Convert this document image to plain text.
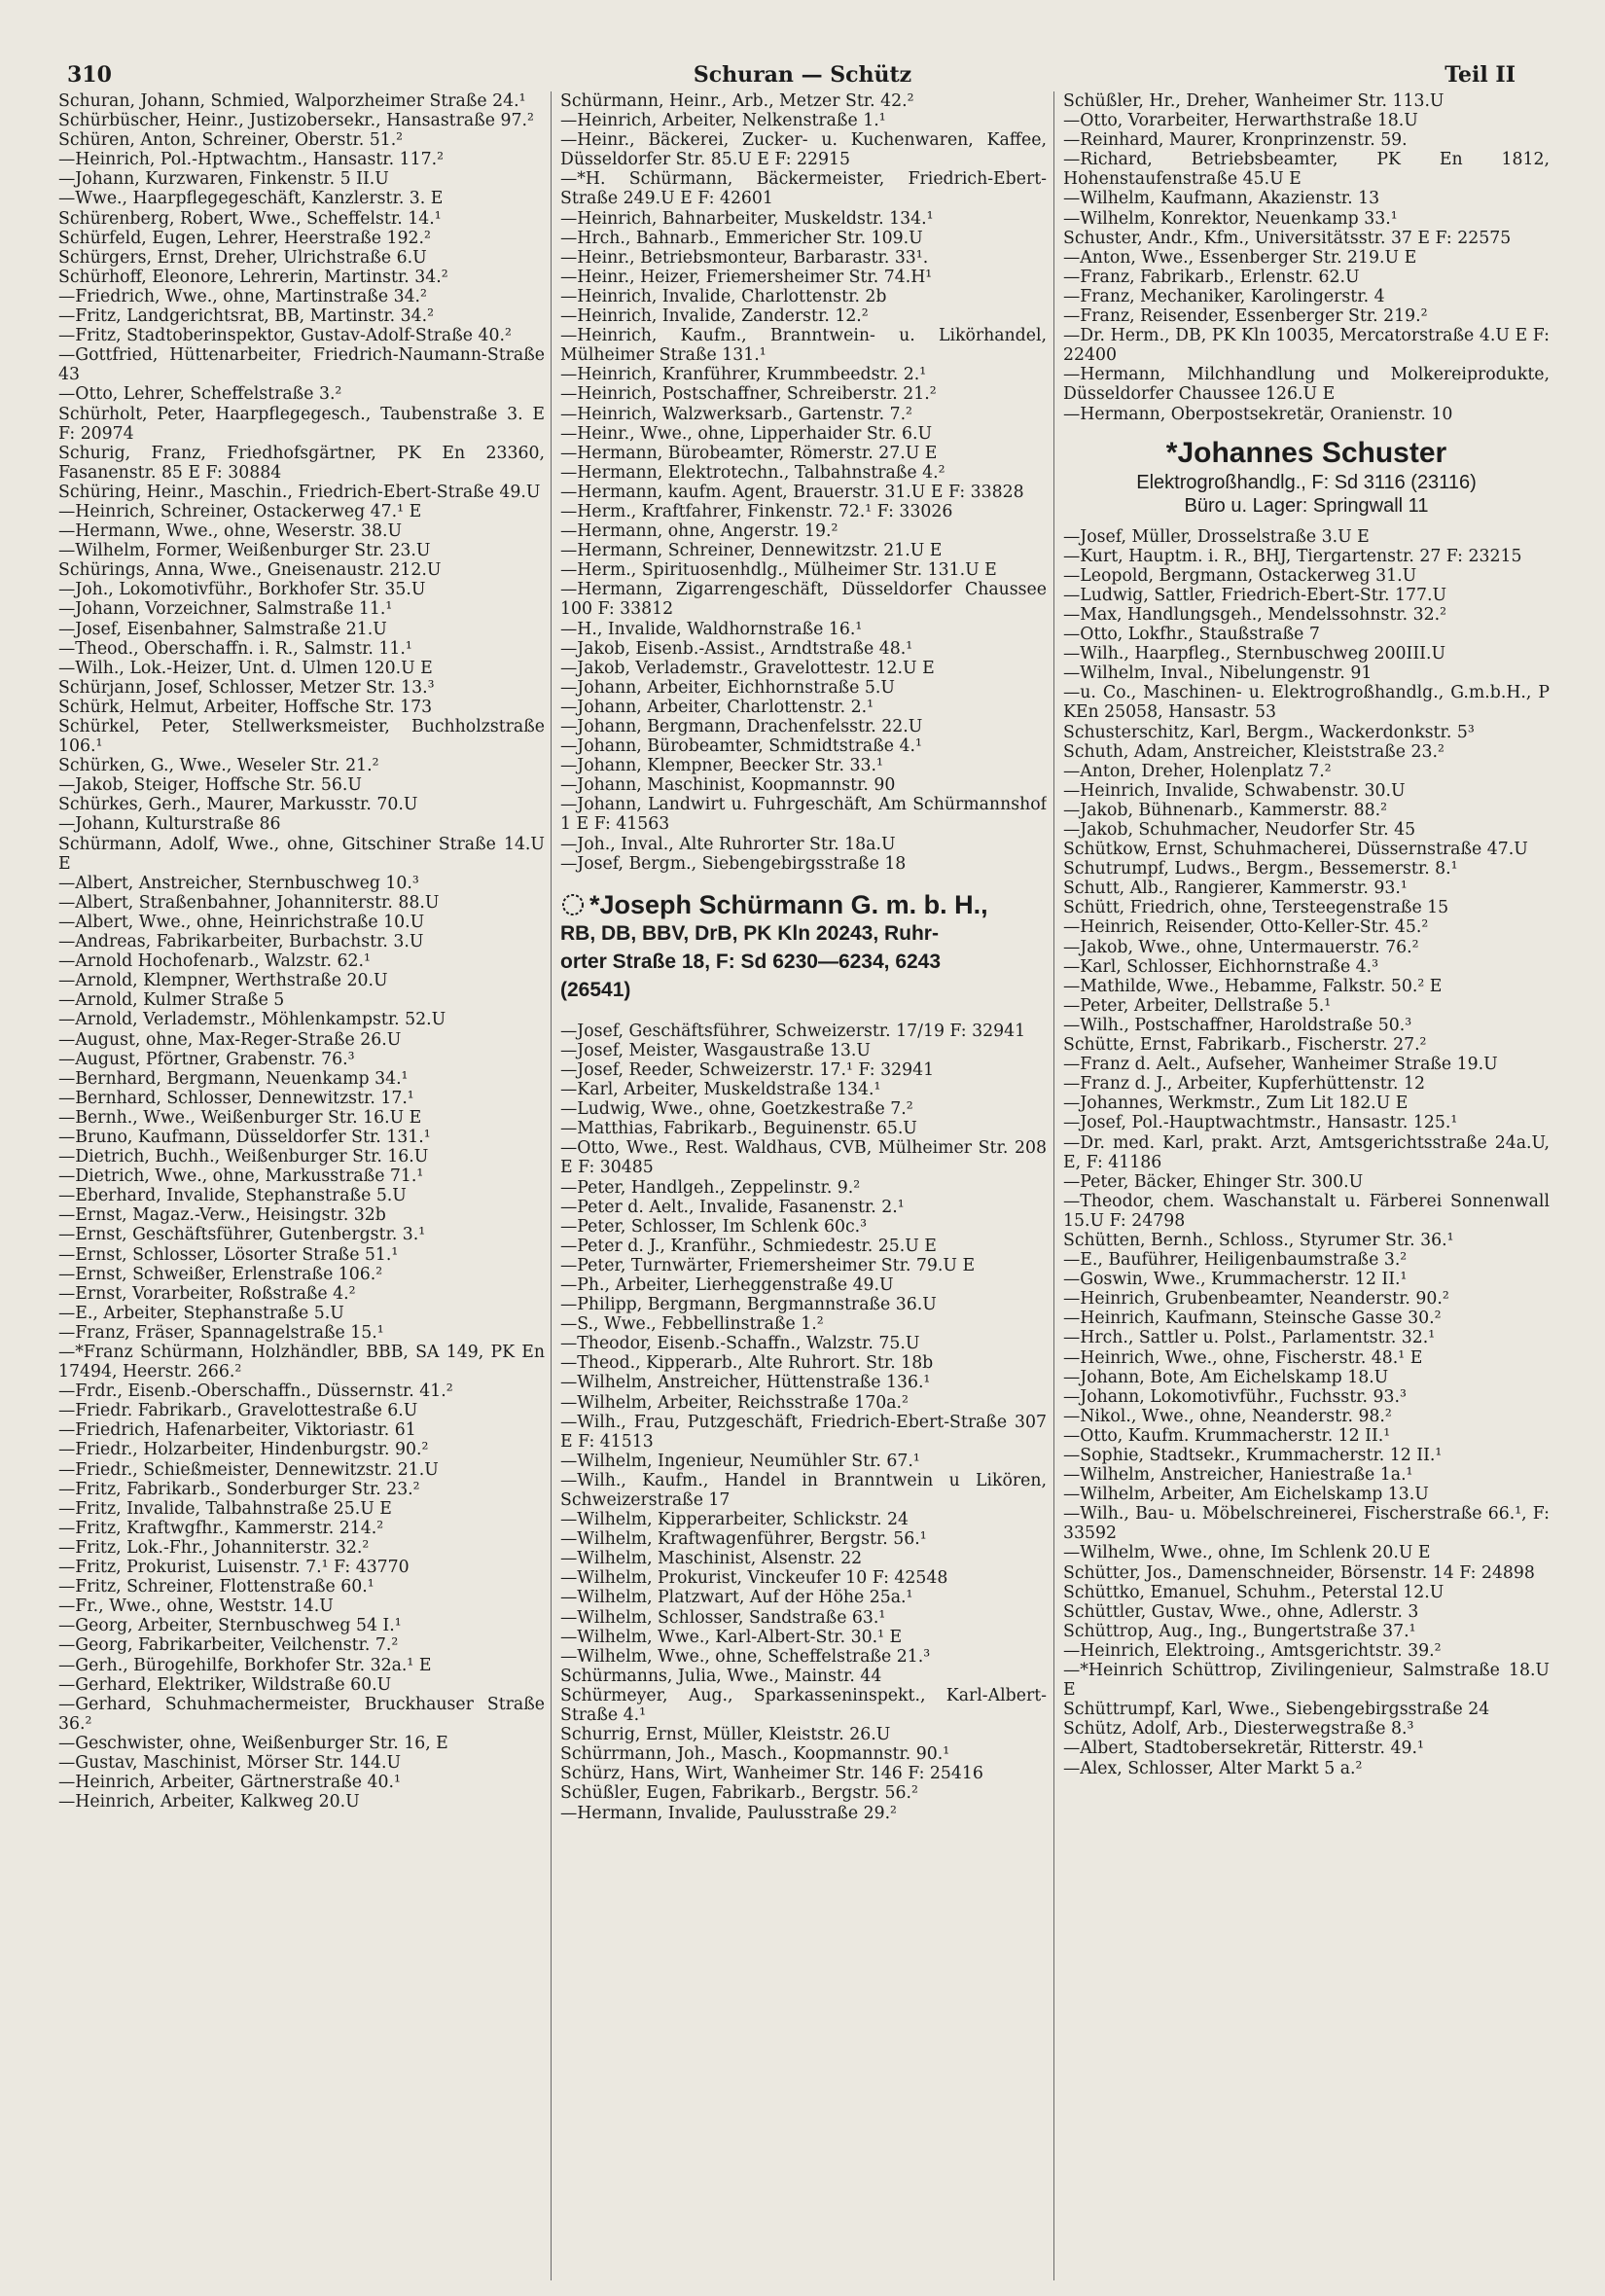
310	Schuran — Schütz	Teil II

Schuran, Johann, Schmied, Walporzheimer Straße 24.¹

Schürbüscher, Heinr., Justizobersekr., Hansastraße 97.²

Schüren, Anton, Schreiner, Oberstr. 51.²

—Heinrich, Pol.-Hptwachtm., Hansastr. 117.²

—Johann, Kurzwaren, Finkenstr. 5 II.U

—Wwe., Haarpflegegeschäft, Kanzlerstr. 3. E

Schürenberg, Robert, Wwe., Scheffelstr. 14.¹

Schürfeld, Eugen, Lehrer, Heerstraße 192.²

Schürgers, Ernst, Dreher, Ulrichstraße 6.U

Schürhoff, Eleonore, Lehrerin, Martinstr. 34.²

—Friedrich, Wwe., ohne, Martinstraße 34.²

—Fritz, Landgerichtsrat, BB, Martinstr. 34.²

—Fritz, Stadtoberinspektor, Gustav-Adolf-Straße 40.²

—Gottfried, Hüttenarbeiter, Friedrich-Naumann-Straße 43

—Otto, Lehrer, Scheffelstraße 3.²

Schürholt, Peter, Haarpflegegesch., Taubenstraße 3. E F: 20974

Schurig, Franz, Friedhofsgärtner, PK En 23360, Fasanenstr. 85 E F: 30884

Schüring, Heinr., Maschin., Friedrich-Ebert-Straße 49.U

—Heinrich, Schreiner, Ostackerweg 47.¹ E

—Hermann, Wwe., ohne, Weserstr. 38.U

—Wilhelm, Former, Weißenburger Str. 23.U

Schürings, Anna, Wwe., Gneisenaustr. 212.U

—Joh., Lokomotivführ., Borkhofer Str. 35.U

—Johann, Vorzeichner, Salmstraße 11.¹

—Josef, Eisenbahner, Salmstraße 21.U

—Theod., Oberschaffn. i. R., Salmstr. 11.¹

—Wilh., Lok.-Heizer, Unt. d. Ulmen 120.U E

Schürjann, Josef, Schlosser, Metzer Str. 13.³

Schürk, Helmut, Arbeiter, Hoffsche Str. 173

Schürkel, Peter, Stellwerksmeister, Buchholzstraße 106.¹

Schürken, G., Wwe., Weseler Str. 21.²

—Jakob, Steiger, Hoffsche Str. 56.U

Schürkes, Gerh., Maurer, Markusstr. 70.U

—Johann, Kulturstraße 86

Schürmann, Adolf, Wwe., ohne, Gitschiner Straße 14.U E

—Albert, Anstreicher, Sternbuschweg 10.³

—Albert, Straßenbahner, Johanniterstr. 88.U

—Albert, Wwe., ohne, Heinrichstraße 10.U

—Andreas, Fabrikarbeiter, Burbachstr. 3.U

—Arnold Hochofenarb., Walzstr. 62.¹

—Arnold, Klempner, Werthstraße 20.U

—Arnold, Kulmer Straße 5

—Arnold, Verlademstr., Möhlenkampstr. 52.U

—August, ohne, Max-Reger-Straße 26.U

—August, Pförtner, Grabenstr. 76.³

—Bernhard, Bergmann, Neuenkamp 34.¹

—Bernhard, Schlosser, Dennewitzstr. 17.¹

—Bernh., Wwe., Weißenburger Str. 16.U E

—Bruno, Kaufmann, Düsseldorfer Str. 131.¹

—Dietrich, Buchh., Weißenburger Str. 16.U

—Dietrich, Wwe., ohne, Markusstraße 71.¹

—Eberhard, Invalide, Stephanstraße 5.U

—Ernst, Magaz.-Verw., Heisingstr. 32b

—Ernst, Geschäftsführer, Gutenbergstr. 3.¹

—Ernst, Schlosser, Lösorter Straße 51.¹

—Ernst, Schweißer, Erlenstraße 106.²

—Ernst, Vorarbeiter, Roßstraße 4.²

—E., Arbeiter, Stephanstraße 5.U

—Franz, Fräser, Spannagelstraße 15.¹

—*Franz Schürmann, Holzhändler, BBB, SA 149, PK En 17494, Heerstr. 266.²

—Frdr., Eisenb.-Oberschaffn., Düssernstr. 41.²

—Friedr. Fabrikarb., Gravelottestraße 6.U

—Friedrich, Hafenarbeiter, Viktoriastr. 61

—Friedr., Holzarbeiter, Hindenburgstr. 90.²

—Friedr., Schießmeister, Dennewitzstr. 21.U

—Fritz, Fabrikarb., Sonderburger Str. 23.²

—Fritz, Invalide, Talbahnstraße 25.U E

—Fritz, Kraftwgfhr., Kammerstr. 214.²

—Fritz, Lok.-Fhr., Johanniterstr. 32.²

—Fritz, Prokurist, Luisenstr. 7.¹ F: 43770

—Fritz, Schreiner, Flottenstraße 60.¹

—Fr., Wwe., ohne, Weststr. 14.U

—Georg, Arbeiter, Sternbuschweg 54 I.¹

—Georg, Fabrikarbeiter, Veilchenstr. 7.²

—Gerh., Bürogehilfe, Borkhofer Str. 32a.¹ E

—Gerhard, Elektriker, Wildstraße 60.U

—Gerhard, Schuhmachermeister, Bruckhauser Straße 36.²

—Geschwister, ohne, Weißenburger Str. 16, E

—Gustav, Maschinist, Mörser Str. 144.U

—Heinrich, Arbeiter, Gärtnerstraße 40.¹

—Heinrich, Arbeiter, Kalkweg 20.U

Schürmann, Heinr., Arb., Metzer Str. 42.²

—Heinrich, Arbeiter, Nelkenstraße 1.¹

—Heinr., Bäckerei, Zucker- u. Kuchenwaren, Kaffee, Düsseldorfer Str. 85.U E F: 22915

—*H. Schürmann, Bäckermeister, Friedrich-Ebert-Straße 249.U E F: 42601

—Heinrich, Bahnarbeiter, Muskeldstr. 134.¹

—Hrch., Bahnarb., Emmericher Str. 109.U

—Heinr., Betriebsmonteur, Barbarastr. 33¹.

—Heinr., Heizer, Friemersheimer Str. 74.H¹

—Heinrich, Invalide, Charlottenstr. 2b

—Heinrich, Invalide, Zanderstr. 12.²

—Heinrich, Kaufm., Branntwein- u. Likörhandel, Mülheimer Straße 131.¹

—Heinrich, Kranführer, Krummbeedstr. 2.¹

—Heinrich, Postschaffner, Schreiberstr. 21.²

—Heinrich, Walzwerksarb., Gartenstr. 7.²

—Heinr., Wwe., ohne, Lipperhaider Str. 6.U

—Hermann, Bürobeamter, Römerstr. 27.U E

—Hermann, Elektrotechn., Talbahnstraße 4.²

—Hermann, kaufm. Agent, Brauerstr. 31.U E F: 33828

—Herm., Kraftfahrer, Finkenstr. 72.¹ F: 33026

—Hermann, ohne, Angerstr. 19.²

—Hermann, Schreiner, Dennewitzstr. 21.U E

—Herm., Spirituosenhdlg., Mülheimer Str. 131.U E

—Hermann, Zigarrengeschäft, Düsseldorfer Chaussee 100 F: 33812

—H., Invalide, Waldhornstraße 16.¹

—Jakob, Eisenb.-Assist., Arndtstraße 48.¹

—Jakob, Verlademstr., Gravelottestr. 12.U E

—Johann, Arbeiter, Eichhornstraße 5.U

—Johann, Arbeiter, Charlottenstr. 2.¹

—Johann, Bergmann, Drachenfelsstr. 22.U

—Johann, Bürobeamter, Schmidtstraße 4.¹

—Johann, Klempner, Beecker Str. 33.¹

—Johann, Maschinist, Koopmannstr. 90

—Johann, Landwirt u. Fuhrgeschäft, Am Schürmannshof 1 E F: 41563

—Joh., Inval., Alte Ruhrorter Str. 18a.U

—Josef, Bergm., Siebengebirgsstraße 18

*Joseph Schürmann G. m. b. H.,
RB, DB, BBV, DrB, PK Kln 20243, Ruhr-
orter Straße 18, F: Sd 6230—6234, 6243
(26541)

—Josef, Geschäftsführer, Schweizerstr. 17/19 F: 32941

—Josef, Meister, Wasgaustraße 13.U

—Josef, Reeder, Schweizerstr. 17.¹ F: 32941

—Karl, Arbeiter, Muskeldstraße 134.¹

—Ludwig, Wwe., ohne, Goetzkestraße 7.²

—Matthias, Fabrikarb., Beguinenstr. 65.U

—Otto, Wwe., Rest. Waldhaus, CVB, Mülheimer Str. 208 E F: 30485

—Peter, Handlgeh., Zeppelinstr. 9.²

—Peter d. Aelt., Invalide, Fasanenstr. 2.¹

—Peter, Schlosser, Im Schlenk 60c.³

—Peter d. J., Kranführ., Schmiedestr. 25.U E

—Peter, Turnwärter, Friemersheimer Str. 79.U E

—Ph., Arbeiter, Lierheggenstraße 49.U

—Philipp, Bergmann, Bergmannstraße 36.U

—S., Wwe., Febbellinstraße 1.²

—Theodor, Eisenb.-Schaffn., Walzstr. 75.U

—Theod., Kipperarb., Alte Ruhrort. Str. 18b

—Wilhelm, Anstreicher, Hüttenstraße 136.¹

—Wilhelm, Arbeiter, Reichsstraße 170a.²

—Wilh., Frau, Putzgeschäft, Friedrich-Ebert-Straße 307 E F: 41513

—Wilhelm, Ingenieur, Neumühler Str. 67.¹

—Wilh., Kaufm., Handel in Branntwein u Likören, Schweizerstraße 17

—Wilhelm, Kipperarbeiter, Schlickstr. 24

—Wilhelm, Kraftwagenführer, Bergstr. 56.¹

—Wilhelm, Maschinist, Alsenstr. 22

—Wilhelm, Prokurist, Vinckeufer 10 F: 42548

—Wilhelm, Platzwart, Auf der Höhe 25a.¹

—Wilhelm, Schlosser, Sandstraße 63.¹

—Wilhelm, Wwe., Karl-Albert-Str. 30.¹ E

—Wilhelm, Wwe., ohne, Scheffelstraße 21.³

Schürmanns, Julia, Wwe., Mainstr. 44

Schürmeyer, Aug., Sparkasseninspekt., Karl-Albert-Straße 4.¹

Schurrig, Ernst, Müller, Kleiststr. 26.U

Schürrmann, Joh., Masch., Koopmannstr. 90.¹

Schürz, Hans, Wirt, Wanheimer Str. 146 F: 25416

Schüßler, Eugen, Fabrikarb., Bergstr. 56.²

—Hermann, Invalide, Paulusstraße 29.²

Schüßler, Hr., Dreher, Wanheimer Str. 113.U

—Otto, Vorarbeiter, Herwarthstraße 18.U

—Reinhard, Maurer, Kronprinzenstr. 59.

—Richard, Betriebsbeamter, PK En 1812, Hohenstaufenstraße 45.U E

—Wilhelm, Kaufmann, Akazienstr. 13

—Wilhelm, Konrektor, Neuenkamp 33.¹

Schuster, Andr., Kfm., Universitätsstr. 37 E F: 22575

—Anton, Wwe., Essenberger Str. 219.U E

—Franz, Fabrikarb., Erlenstr. 62.U

—Franz, Mechaniker, Karolingerstr. 4

—Franz, Reisender, Essenberger Str. 219.²

—Dr. Herm., DB, PK Kln 10035, Mercatorstraße 4.U E F: 22400

—Hermann, Milchhandlung und Molkereiprodukte, Düsseldorfer Chaussee 126.U E

—Hermann, Oberpostsekretär, Oranienstr. 10

*Johannes Schuster
Elektrogroßhandlg., F: Sd 3116 (23116)
Büro u. Lager: Springwall 11

—Josef, Müller, Drosselstraße 3.U E

—Kurt, Hauptm. i. R., BHJ, Tiergartenstr. 27 F: 23215

—Leopold, Bergmann, Ostackerweg 31.U

—Ludwig, Sattler, Friedrich-Ebert-Str. 177.U

—Max, Handlungsgeh., Mendelssohnstr. 32.²

—Otto, Lokfhr., Staußstraße 7

—Wilh., Haarpfleg., Sternbuschweg 200III.U

—Wilhelm, Inval., Nibelungenstr. 91

—u. Co., Maschinen- u. Elektrogroßhandlg., G.m.b.H., P KEn 25058, Hansastr. 53

Schusterschitz, Karl, Bergm., Wackerdonkstr. 5³

Schuth, Adam, Anstreicher, Kleiststraße 23.²

—Anton, Dreher, Holenplatz 7.²

—Heinrich, Invalide, Schwabenstr. 30.U

—Jakob, Bühnenarb., Kammerstr. 88.²

—Jakob, Schuhmacher, Neudorfer Str. 45

Schütkow, Ernst, Schuhmacherei, Düssernstraße 47.U

Schutrumpf, Ludws., Bergm., Bessemerstr. 8.¹

Schutt, Alb., Rangierer, Kammerstr. 93.¹

Schütt, Friedrich, ohne, Tersteegenstraße 15

—Heinrich, Reisender, Otto-Keller-Str. 45.²

—Jakob, Wwe., ohne, Untermauerstr. 76.²

—Karl, Schlosser, Eichhornstraße 4.³

—Mathilde, Wwe., Hebamme, Falkstr. 50.² E

—Peter, Arbeiter, Dellstraße 5.¹

—Wilh., Postschaffner, Haroldstraße 50.³

Schütte, Ernst, Fabrikarb., Fischerstr. 27.²

—Franz d. Aelt., Aufseher, Wanheimer Straße 19.U

—Franz d. J., Arbeiter, Kupferhüttenstr. 12

—Johannes, Werkmstr., Zum Lit 182.U E

—Josef, Pol.-Hauptwachtmstr., Hansastr. 125.¹

—Dr. med. Karl, prakt. Arzt, Amtsgerichtsstraße 24a.U, E, F: 41186

—Peter, Bäcker, Ehinger Str. 300.U

—Theodor, chem. Waschanstalt u. Färberei Sonnenwall 15.U F: 24798

Schütten, Bernh., Schloss., Styrumer Str. 36.¹

—E., Bauführer, Heiligenbaumstraße 3.²

—Goswin, Wwe., Krummacherstr. 12 II.¹

—Heinrich, Grubenbeamter, Neanderstr. 90.²

—Heinrich, Kaufmann, Steinsche Gasse 30.²

—Hrch., Sattler u. Polst., Parlamentstr. 32.¹

—Heinrich, Wwe., ohne, Fischerstr. 48.¹ E

—Johann, Bote, Am Eichelskamp 18.U

—Johann, Lokomotivführ., Fuchsstr. 93.³

—Nikol., Wwe., ohne, Neanderstr. 98.²

—Otto, Kaufm. Krummacherstr. 12 II.¹

—Sophie, Stadtsekr., Krummacherstr. 12 II.¹

—Wilhelm, Anstreicher, Haniestraße 1a.¹

—Wilhelm, Arbeiter, Am Eichelskamp 13.U

—Wilh., Bau- u. Möbelschreinerei, Fischerstraße 66.¹, F: 33592

—Wilhelm, Wwe., ohne, Im Schlenk 20.U E

Schütter, Jos., Damenschneider, Börsenstr. 14 F: 24898

Schüttko, Emanuel, Schuhm., Peterstal 12.U

Schüttler, Gustav, Wwe., ohne, Adlerstr. 3

Schüttrop, Aug., Ing., Bungertstraße 37.¹

—Heinrich, Elektroing., Amtsgerichtstr. 39.²

—*Heinrich Schüttrop, Zivilingenieur, Salmstraße 18.U E

Schüttrumpf, Karl, Wwe., Siebengebirgsstraße 24

Schütz, Adolf, Arb., Diesterwegstraße 8.³

—Albert, Stadtobersekretär, Ritterstr. 49.¹

—Alex, Schlosser, Alter Markt 5 a.²
